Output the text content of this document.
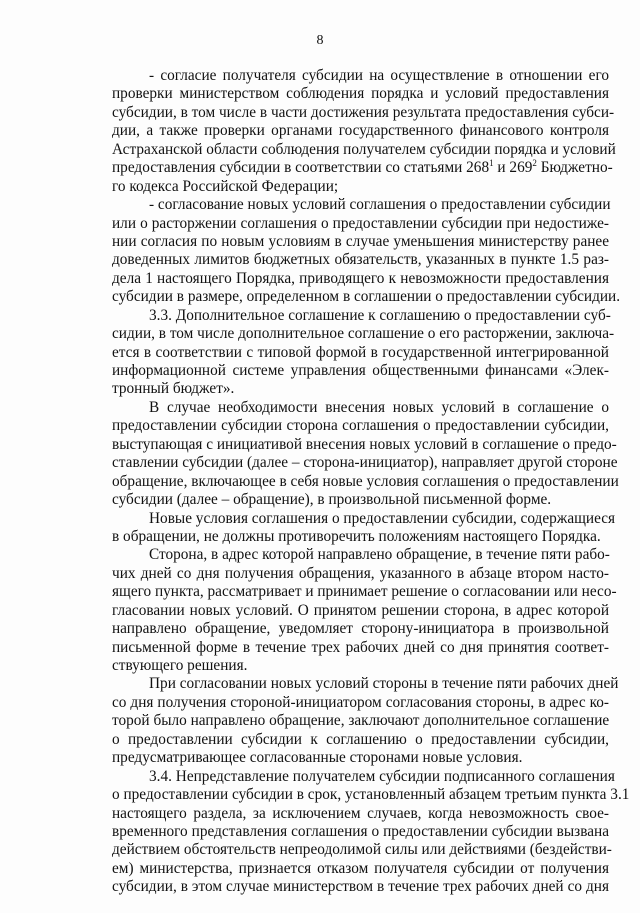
8
- согласие получателя субсидии на осуществление в отношении его
проверки министерством соблюдения порядка и условий предоставления
субсидии, в том числе в части достижения результата предоставления субси-
дии, а также проверки органами государственного финансового контроля
Астраханской области соблюдения получателем субсидии порядка и условий
предоставления субсидии в соответствии со статьями $268^1$ и $269^2$ Бюджетно-
го кодекса Российской Федерации;
- согласование новых условий соглашения о предоставлении субсидии
или о расторжении соглашения о предоставлении субсидии при недостиже-
нии согласия по новым условиям в случае уменьшения министерству ранее
доведенных лимитов бюджетных обязательств, указанных в пункте 1.5 раз-
дела 1 настоящего Порядка, приводящего к невозможности предоставления
субсидии в размере, определенном в соглашении о предоставлении субсидии.
3.3. Дополнительное соглашение к соглашению о предоставлении суб-
сидии, в том числе дополнительное соглашение о его расторжении, заключа-
ется в соответствии с типовой формой в государственной интегрированной
информационной системе управления общественными финансами «Элек-
тронный бюджет».
В случае необходимости внесения новых условий в соглашение о
предоставлении субсидии сторона соглашения о предоставлении субсидии,
выступающая с инициативой внесения новых условий в соглашение о предо-
ставлении субсидии (далее – сторона-инициатор), направляет другой стороне
обращение, включающее в себя новые условия соглашения о предоставлении
субсидии (далее – обращение), в произвольной письменной форме.
Новые условия соглашения о предоставлении субсидии, содержащиеся
в обращении, не должны противоречить положениям настоящего Порядка.
Сторона, в адрес которой направлено обращение, в течение пяти рабо-
чих дней со дня получения обращения, указанного в абзаце втором насто-
ящего пункта, рассматривает и принимает решение о согласовании или несо-
гласовании новых условий. О принятом решении сторона, в адрес которой
направлено обращение, уведомляет сторону-инициатора в произвольной
письменной форме в течение трех рабочих дней со дня принятия соответ-
ствующего решения.
При согласовании новых условий стороны в течение пяти рабочих дней
со дня получения стороной-инициатором согласования стороны, в адрес ко-
торой было направлено обращение, заключают дополнительное соглашение
о предоставлении субсидии к соглашению о предоставлении субсидии,
предусматривающее согласованные сторонами новые условия.
3.4. Непредставление получателем субсидии подписанного соглашения
о предоставлении субсидии в срок, установленный абзацем третьим пункта 3.1
настоящего раздела, за исключением случаев, когда невозможность свое-
временного представления соглашения о предоставлении субсидии вызвана
действием обстоятельств непреодолимой силы или действиями (бездействи-
ем) министерства, признается отказом получателя субсидии от получения
субсидии, в этом случае министерством в течение трех рабочих дней со дня
